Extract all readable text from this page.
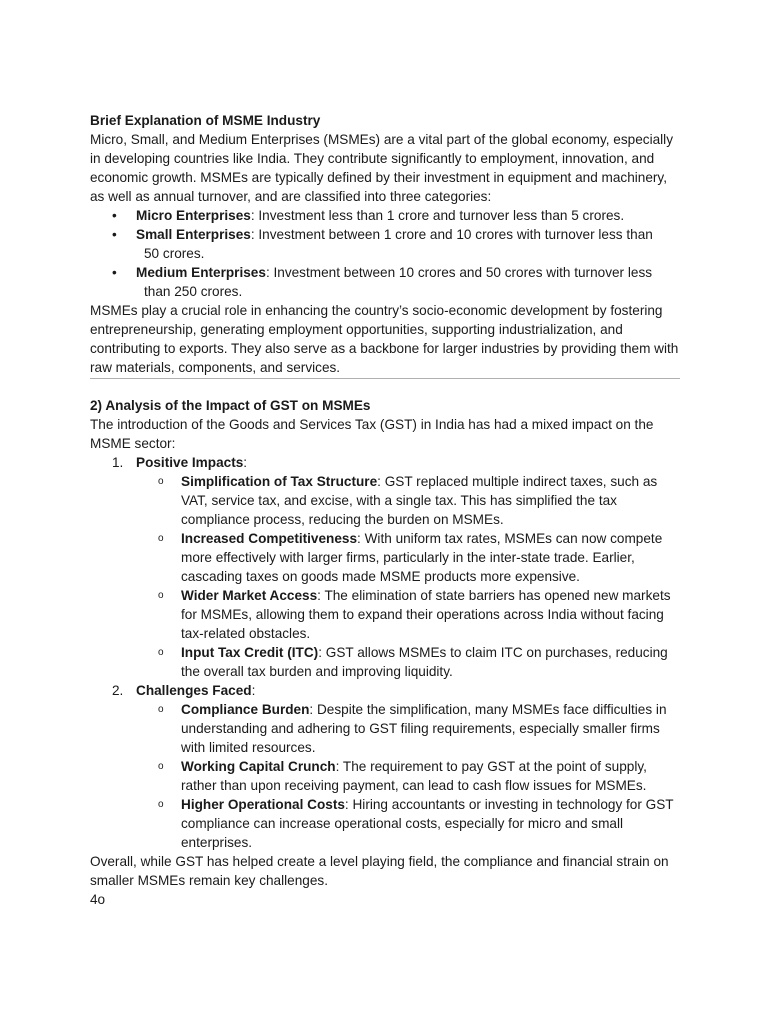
Brief Explanation of MSME Industry

Micro, Small, and Medium Enterprises (MSMEs) are a vital part of the global economy, especially in developing countries like India. They contribute significantly to employment, innovation, and economic growth. MSMEs are typically defined by their investment in equipment and machinery, as well as annual turnover, and are classified into three categories:

• Micro Enterprises: Investment less than 1 crore and turnover less than 5 crores.
• Small Enterprises: Investment between 1 crore and 10 crores with turnover less than
50 crores.
• Medium Enterprises: Investment between 10 crores and 50 crores with turnover less
than 250 crores.

MSMEs play a crucial role in enhancing the country’s socio-economic development by fostering entrepreneurship, generating employment opportunities, supporting industrialization, and contributing to exports. They also serve as a backbone for larger industries by providing them with raw materials, components, and services.

2) Analysis of the Impact of GST on MSMEs

The introduction of the Goods and Services Tax (GST) in India has had a mixed impact on the MSME sector:

1. Positive Impacts:
o Simplification of Tax Structure: GST replaced multiple indirect taxes, such as VAT, service tax, and excise, with a single tax. This has simplified the tax compliance process, reducing the burden on MSMEs.
o Increased Competitiveness: With uniform tax rates, MSMEs can now compete more effectively with larger firms, particularly in the inter-state trade. Earlier, cascading taxes on goods made MSME products more expensive.
o Wider Market Access: The elimination of state barriers has opened new markets for MSMEs, allowing them to expand their operations across India without facing tax-related obstacles.
o Input Tax Credit (ITC): GST allows MSMEs to claim ITC on purchases, reducing the overall tax burden and improving liquidity.
2. Challenges Faced:
o Compliance Burden: Despite the simplification, many MSMEs face difficulties in understanding and adhering to GST filing requirements, especially smaller firms with limited resources.
o Working Capital Crunch: The requirement to pay GST at the point of supply, rather than upon receiving payment, can lead to cash flow issues for MSMEs.
o Higher Operational Costs: Hiring accountants or investing in technology for GST compliance can increase operational costs, especially for micro and small enterprises.

Overall, while GST has helped create a level playing field, the compliance and financial strain on smaller MSMEs remain key challenges.

4o
